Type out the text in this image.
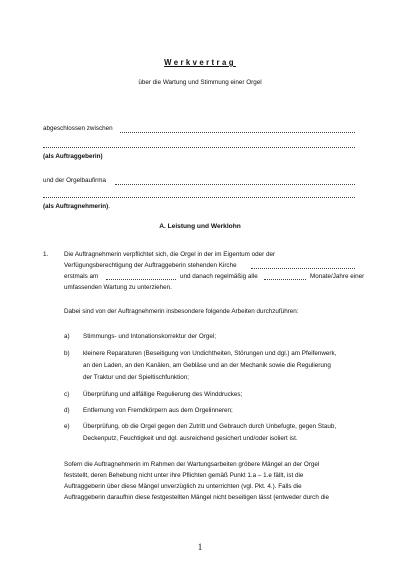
Werkvertrag
über die Wartung und Stimmung einer Orgel
abgeschlossen zwischen
(als Auftraggeberin)
und der Orgelbaufirma
(als Auftragnehmerin).
A. Leistung und Werklohn
1. Die Auftragnehmerin verpflichtet sich, die Orgel in der im Eigentum oder der
Verfügungsberechtigung der Auftraggeberin stehenden Kirche
erstmals am	und danach regelmäßig alle	Monate/Jahre einer
umfassenden Wartung zu unterziehen.
Dabei sind von der Auftragnehmerin insbesondere folgende Arbeiten durchzuführen:
a) Stimmungs- und Intonationskorrektur der Orgel;
b) kleinere Reparaturen (Beseitigung von Undichtheiten, Störungen und dgl.) am Pfeifenwerk,
an den Laden, an den Kanälen, am Gebläse und an der Mechanik sowie die Regulierung
der Traktur und der Spieltischfunktion;
c) Überprüfung und allfällige Regulierung des Winddruckes;
d) Entfernung von Fremdkörpern aus dem Orgelinneren;
e) Überprüfung, ob die Orgel gegen den Zutritt und Gebrauch durch Unbefugte, gegen Staub,
Deckenputz, Feuchtigkeit und dgl. ausreichend gesichert und/oder isoliert ist.
Sofern die Auftragnehmerin im Rahmen der Wartungsarbeiten gröbere Mängel an der Orgel
feststellt, deren Behebung nicht unter ihre Pflichten gemäß Punkt 1.a – 1.e fällt, ist die
Auftraggeberin über diese Mängel unverzüglich zu unterrichten (vgl. Pkt. 4.). Falls die
Auftraggeberin daraufhin diese festgestellten Mängel nicht beseitigen lässt (entweder durch die
1
